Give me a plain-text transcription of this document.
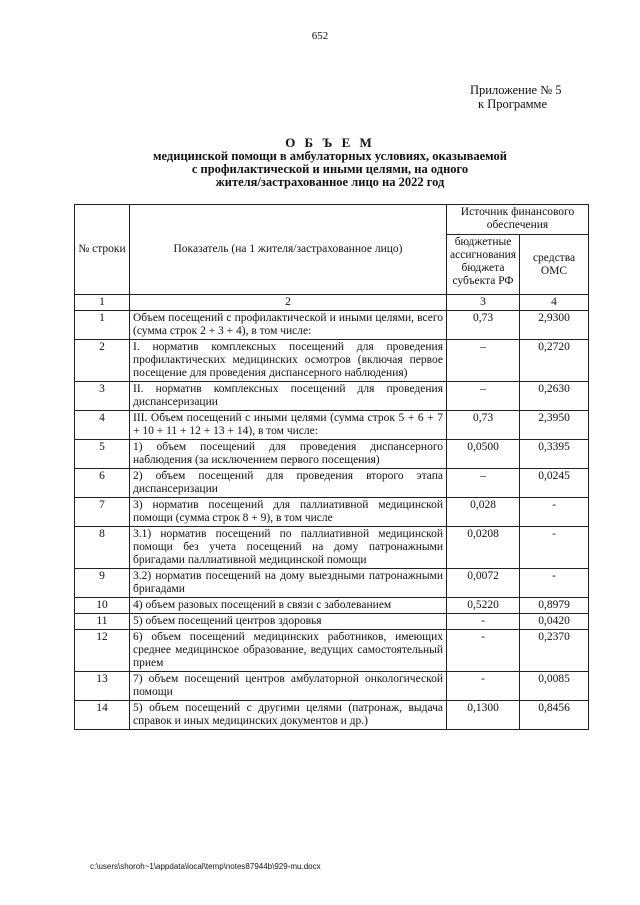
652
Приложение № 5
к Программе
О Б Ъ Е М
медицинской помощи в амбулаторных условиях, оказываемой
с профилактической и иными целями, на одного
жителя/застрахованное лицо на 2022 год
№ строки	Показатель (на 1 жителя/застрахованное лицо)	Источник финансового обеспечения	
		бюджетные ассигнования бюджета субъекта РФ	средства ОМС
1	2	3	4
1	Объем посещений с профилактической и иными целями, всего (сумма строк 2 + 3 + 4), в том числе:	0,73	2,9300
2	I. норматив комплексных посещений для проведения профилактических медицинских осмотров (включая первое посещение для проведения диспансерного наблюдения)	–	0,2720
3	II. норматив комплексных посещений для проведения диспансеризации	–	0,2630
4	III. Объем посещений с иными целями (сумма строк 5 + 6 + 7 + 10 + 11 + 12 + 13 + 14), в том числе:	0,73	2,3950
5	1) объем посещений для проведения диспансерного наблюдения (за исключением первого посещения)	0,0500	0,3395
6	2) объем посещений для проведения второго этапа диспансеризации	–	0,0245
7	3) норматив посещений для паллиативной медицинской помощи (сумма строк 8 + 9), в том числе	0,028	-
8	3.1) норматив посещений по паллиативной медицинской помощи без учета посещений на дому патронажными бригадами паллиативной медицинской помощи	0,0208	-
9	3.2) норматив посещений на дому выездными патронажными бригадами	0,0072	-
10	4) объем разовых посещений в связи с заболеванием	0,5220	0,8979
11	5) объем посещений центров здоровья	-	0,0420
12	6) объем посещений медицинских работников, имеющих среднее медицинское образование, ведущих самостоятельный прием	-	0,2370
13	7) объем посещений центров амбулаторной онкологической помощи	-	0,0085
14	5) объем посещений с другими целями (патронаж, выдача справок и иных медицинских документов и др.)	0,1300	0,8456
c:\users\shoroh~1\appdata\local\temp\notes87944b\929-mu.docx
